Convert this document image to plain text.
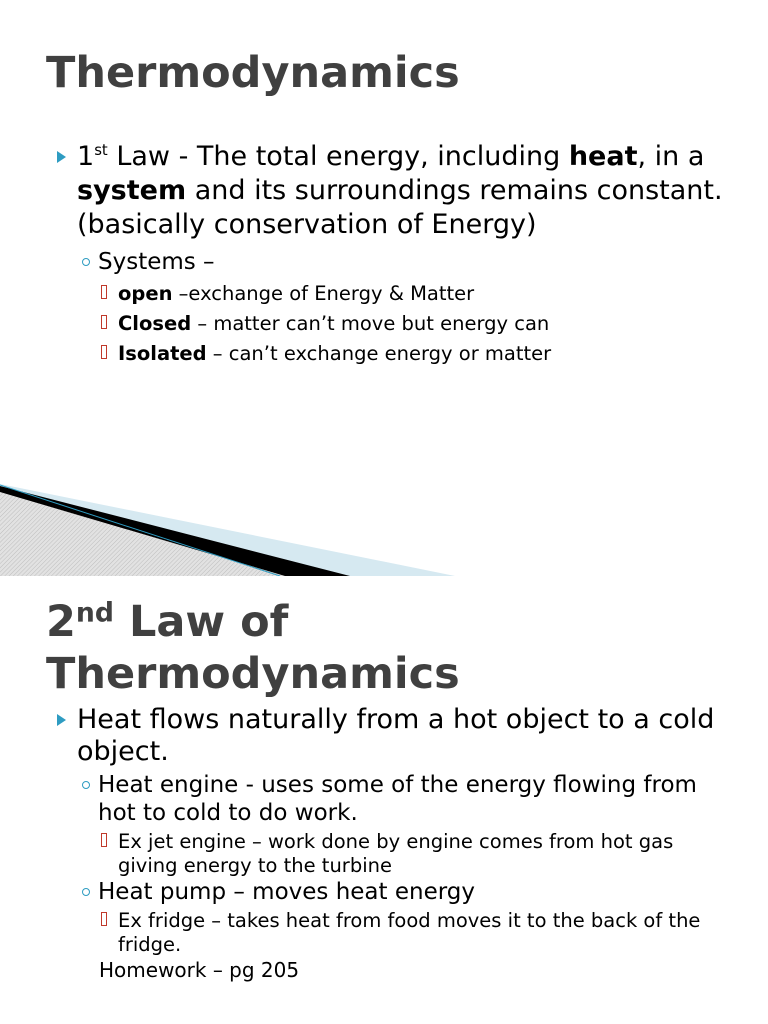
Thermodynamics

1st Law - The total energy, including heat, in a system and its surroundings remains constant. (basically conservation of Energy)

Systems –

open –exchange of Energy & Matter

Closed – matter can’t move but energy can

Isolated – can’t exchange energy or matter

2nd Law of
Thermodynamics

Heat flows naturally from a hot object to a cold object.

Heat engine - uses some of the energy flowing from hot to cold to do work.

Ex jet engine – work done by engine comes from hot gas giving energy to the turbine

Heat pump – moves heat energy

Ex fridge – takes heat from food moves it to the back of the fridge.

Homework – pg 205
